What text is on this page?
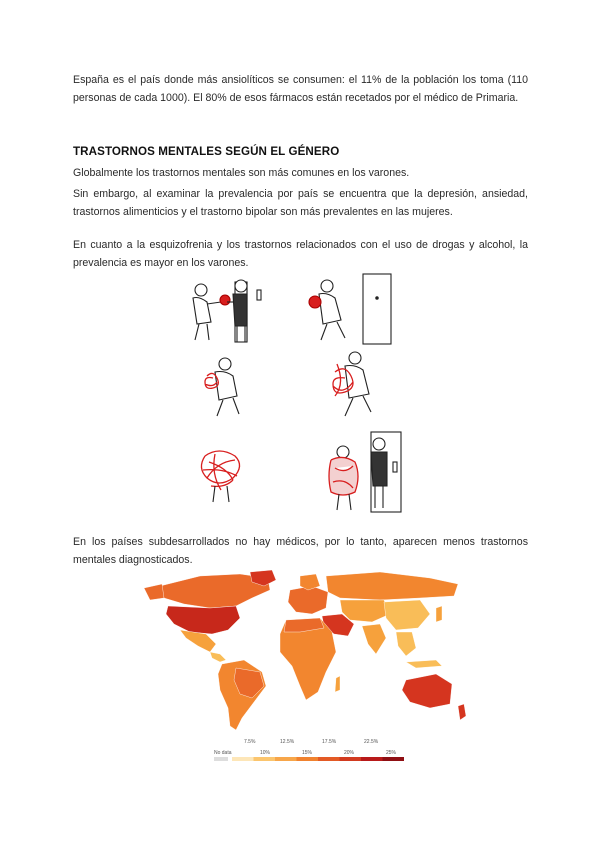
España es el país donde más ansiolíticos se consumen: el 11% de la población los toma (110 personas de cada 1000). El 80% de esos fármacos están recetados por el médico de Primaria.

TRASTORNOS MENTALES SEGÚN EL GÉNERO

Globalmente los trastornos mentales son más comunes en los varones.

Sin embargo, al examinar la prevalencia por país se encuentra que la depresión, ansiedad, trastornos alimenticios y el trastorno bipolar son más prevalentes en las mujeres.

En cuanto a la esquizofrenia y los trastornos relacionados con el uso de drogas y alcohol, la prevalencia es mayor en los varones.

En los países subdesarrollados no hay médicos, por lo tanto, aparecen menos trastornos mentales diagnosticados.

No data
7.5%	12.5%	17.5%	22.5%
10%	15%	20%	25%
